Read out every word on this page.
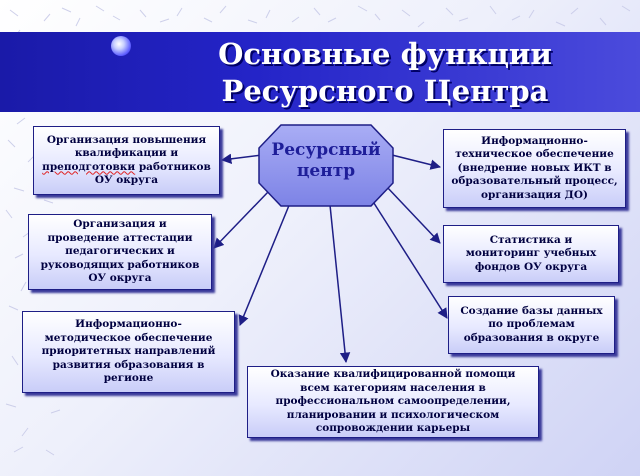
Основные функции
Ресурсного Центра
Ресурсный
центр
Организация повышения
квалификации и
преподготовки работников
ОУ округа
Организация и проведение аттестации педагогических и руководящих работников ОУ округа
Информационно-методическое обеспечение приоритетных направлений развития образования в регионе	Оказание квалифицированной помощи всем категориям населения в профессиональном самоопределении, планировании и психологическом сопровождении карьеры
Информационно- техническое обеспечение (внедрение новых ИКТ в образовательный процесс, организация ДО)
Статистика и мониторинг учебных фондов ОУ округа
Создание базы данных по проблемам образования в округе
